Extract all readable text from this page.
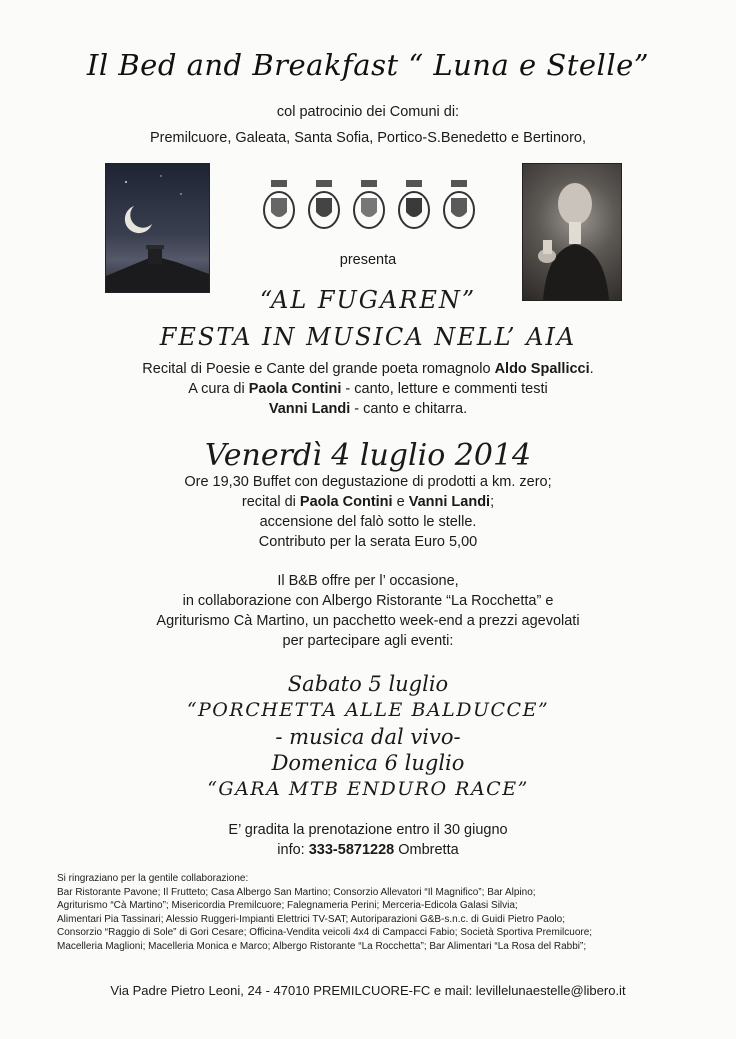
Il Bed and Breakfast “ Luna e Stelle”
col patrocinio dei Comuni di:
Premilcuore, Galeata, Santa Sofia, Portico-S.Benedetto e Bertinoro,
presenta
“AL FUGAREN”
FESTA IN MUSICA NELL’ AIA
Recital di Poesie e Cante del grande poeta romagnolo Aldo Spallicci.
A cura di Paola Contini - canto, letture e commenti testi
Vanni Landi - canto e chitarra.
Venerdì 4 luglio 2014
Ore 19,30 Buffet con degustazione di prodotti a km. zero;
recital di Paola Contini e Vanni Landi;
accensione del falò sotto le stelle.
Contributo per la serata Euro 5,00
Il B&B offre per l’ occasione,
in collaborazione con Albergo Ristorante “La Rocchetta” e
Agriturismo Cà Martino, un pacchetto week-end a prezzi agevolati
per partecipare agli eventi:
Sabato 5 luglio
“PORCHETTA ALLE BALDUCCE”
- musica dal vivo-
Domenica 6 luglio
“GARA MTB ENDURO RACE”
E’ gradita la prenotazione entro il 30 giugno
info: 333-5871228 Ombretta
Si ringraziano per la gentile collaborazione:
Bar Ristorante Pavone; Il Frutteto; Casa Albergo San Martino; Consorzio Allevatori “Il Magnifico”; Bar Alpino;
Agriturismo “Cà Martino”; Misericordia Premilcuore; Falegnameria Perini; Merceria-Edicola Galasi Silvia;
Alimentari Pia Tassinari; Alessio Ruggeri-Impianti Elettrici TV-SAT; Autoriparazioni G&B-s.n.c. di Guidi Pietro Paolo;
Consorzio “Raggio di Sole” di Gori Cesare; Officina-Vendita veicoli 4x4 di Campacci Fabio; Società Sportiva Premilcuore;
Macelleria Maglioni; Macelleria Monica e Marco; Albergo Ristorante “La Rocchetta”; Bar Alimentari “La Rosa del Rabbi”;
Via Padre Pietro Leoni, 24 - 47010 PREMILCUORE-FC e mail: levillelunaestelle@libero.it
